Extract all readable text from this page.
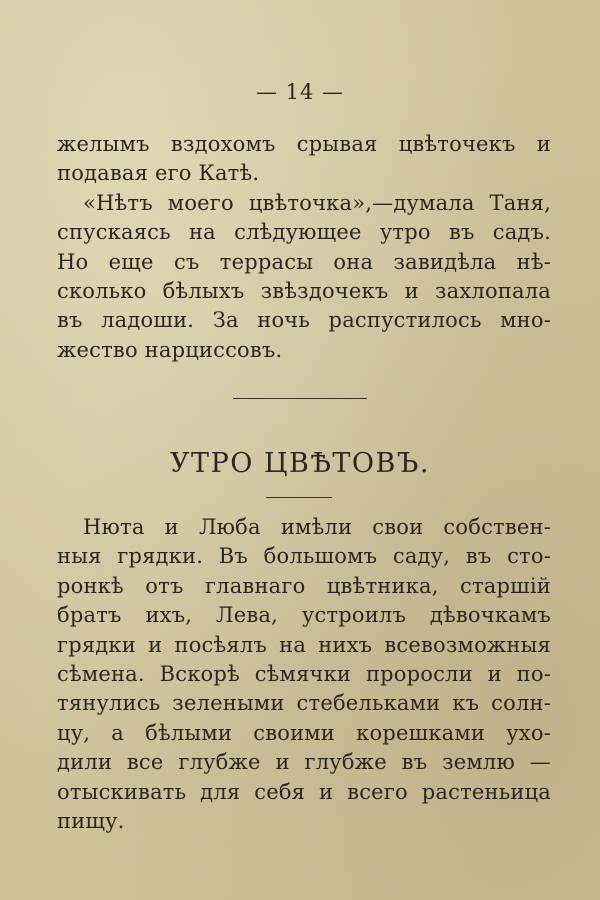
— 14 —
желымъ вздохомъ срывая цвѣточекъ и
подавая его Катѣ.
«Нѣтъ моего цвѣточка»,—думала Таня,
спускаясь на слѣдующее утро въ садъ.
Но еще съ террасы она завидѣла нѣ-
сколько бѣлыхъ звѣздочекъ и захлопала
въ ладоши. За ночь распустилось мно-
жество нарциссовъ.
УТРО ЦВѢТОВЪ.
Нюта и Люба имѣли свои собствен-
ныя грядки. Въ большомъ саду, въ сто-
ронкѣ отъ главнаго цвѣтника, старшій
братъ ихъ, Лева, устроилъ дѣвочкамъ
грядки и посѣялъ на нихъ всевозможныя
сѣмена. Вскорѣ сѣмячки проросли и по-
тянулись зелеными стебельками къ солн-
цу, а бѣлыми своими корешками ухо-
дили все глубже и глубже въ землю —
отыскивать для себя и всего растеньица
пищу.
